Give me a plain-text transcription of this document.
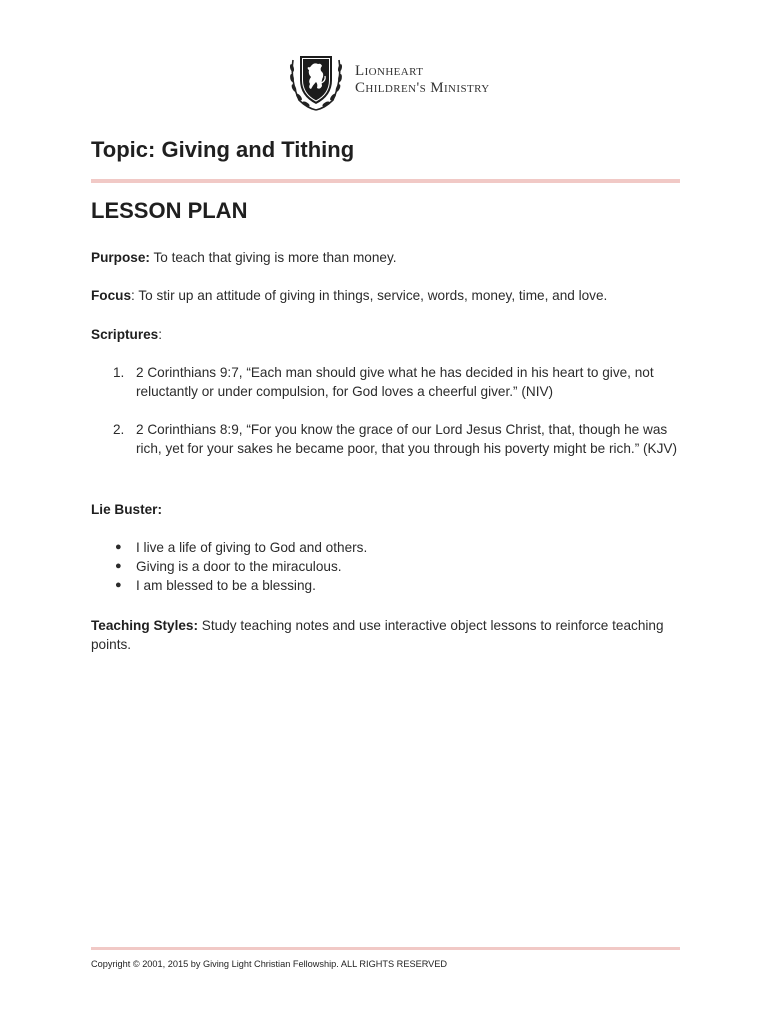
Lionheart
Children's Ministry
Topic: Giving and Tithing
LESSON PLAN

Purpose: To teach that giving is more than money.

Focus: To stir up an attitude of giving in things, service, words, money, time, and love.

Scriptures:

1. 2 Corinthians 9:7, “Each man should give what he has decided in his heart to give, not reluctantly or under compulsion, for God loves a cheerful giver.” (NIV)
2. 2 Corinthians 8:9, “For you know the grace of our Lord Jesus Christ, that, though he was rich, yet for your sakes he became poor, that you through his poverty might be rich.” (KJV)

Lie Buster:

● I live a life of giving to God and others.
● Giving is a door to the miraculous.
● I am blessed to be a blessing.

Teaching Styles: Study teaching notes and use interactive object lessons to reinforce teaching points.

Copyright © 2001, 2015 by Giving Light Christian Fellowship. ALL RIGHTS RESERVED
